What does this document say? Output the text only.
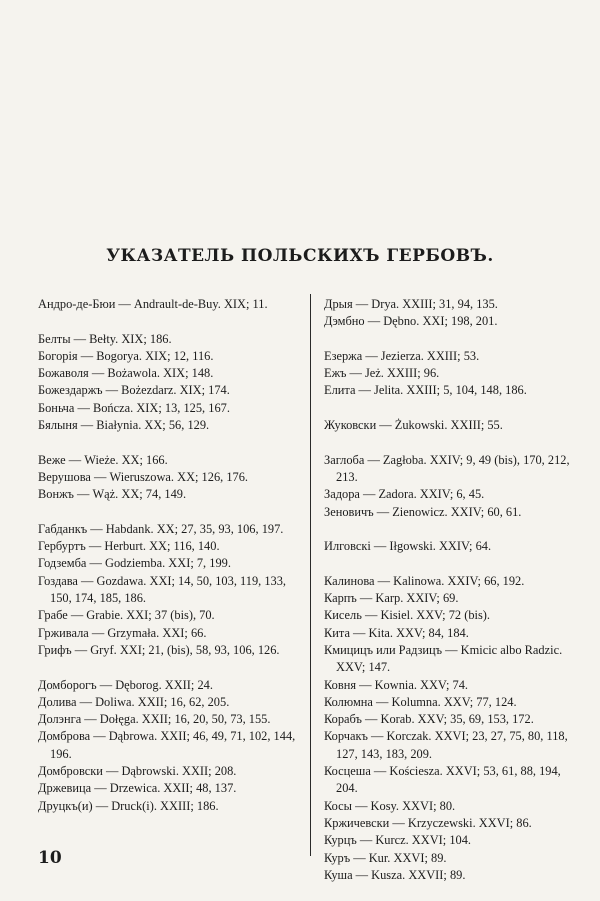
УКАЗАТЕЛЬ ПОЛЬСКИХЪ ГЕРБОВЪ.
Андро-де-Бюи — Andrault-de-Buy. XIX; 11.
Белты — Bełty. XIX; 186.
Богорія — Bogorya. XIX; 12, 116.
Божаволя — Bożawola. XIX; 148.
Божездаржъ — Bożezdarz. XIX; 174.
Боньча — Bończa. XIX; 13, 125, 167.
Бялыня — Białynia. XX; 56, 129.
Веже — Wieże. XX; 166.
Верушова — Wieruszowa. XX; 126, 176.
Вонжъ — Wąż. XX; 74, 149.
Габданкъ — Habdank. XX; 27, 35, 93, 106, 197.
Гербуртъ — Herburt. XX; 116, 140.
Годземба — Godziemba. XXI; 7, 199.
Гоздава — Gozdawa. XXI; 14, 50, 103, 119, 133, 150, 174, 185, 186.
Грабе — Grabie. XXI; 37 (bis), 70.
Грживала — Grzymała. XXI; 66.
Грифъ — Gryf. XXI; 21, (bis), 58, 93, 106, 126.
Домборогъ — Dęborog. XXII; 24.
Долива — Doliwa. XXII; 16, 62, 205.
Долэнга — Dołęga. XXII; 16, 20, 50, 73, 155.
Домброва — Dąbrowa. XXII; 46, 49, 71, 102, 144, 196.
Домбровски — Dąbrowski. XXII; 208.
Држевица — Drzewica. XXII; 48, 137.
Друцкъ(и) — Druck(i). XXIII; 186.
Дрыя — Drya. XXIII; 31, 94, 135.
Дэмбно — Dębno. XXI; 198, 201.
Езержа — Jezierza. XXIII; 53.
Ежъ — Jeż. XXIII; 96.
Елита — Jelita. XXIII; 5, 104, 148, 186.
Жуковски — Żukowski. XXIII; 55.
Заглоба — Zagłoba. XXIV; 9, 49 (bis), 170, 212, 213.
Задора — Zadora. XXIV; 6, 45.
Зеновичъ — Zienowicz. XXIV; 60, 61.
Илговскі — Iłgowski. XXIV; 64.
Калинова — Kalinowa. XXIV; 66, 192.
Карпъ — Karp. XXIV; 69.
Кисель — Kisiel. XXV; 72 (bis).
Кита — Kita. XXV; 84, 184.
Кмицицъ или Радзицъ — Kmicic albo Radzic. XXV; 147.
Ковня — Kownia. XXV; 74.
Колюмна — Kolumna. XXV; 77, 124.
Корабъ — Korab. XXV; 35, 69, 153, 172.
Корчакъ — Korczak. XXVI; 23, 27, 75, 80, 118, 127, 143, 183, 209.
Косцеша — Kościesza. XXVI; 53, 61, 88, 194, 204.
Косы — Kosy. XXVI; 80.
Кржичевски — Krzyczewski. XXVI; 86.
Курцъ — Kurcz. XXVI; 104.
Куръ — Kur. XXVI; 89.
Куша — Kusza. XXVII; 89.
10
